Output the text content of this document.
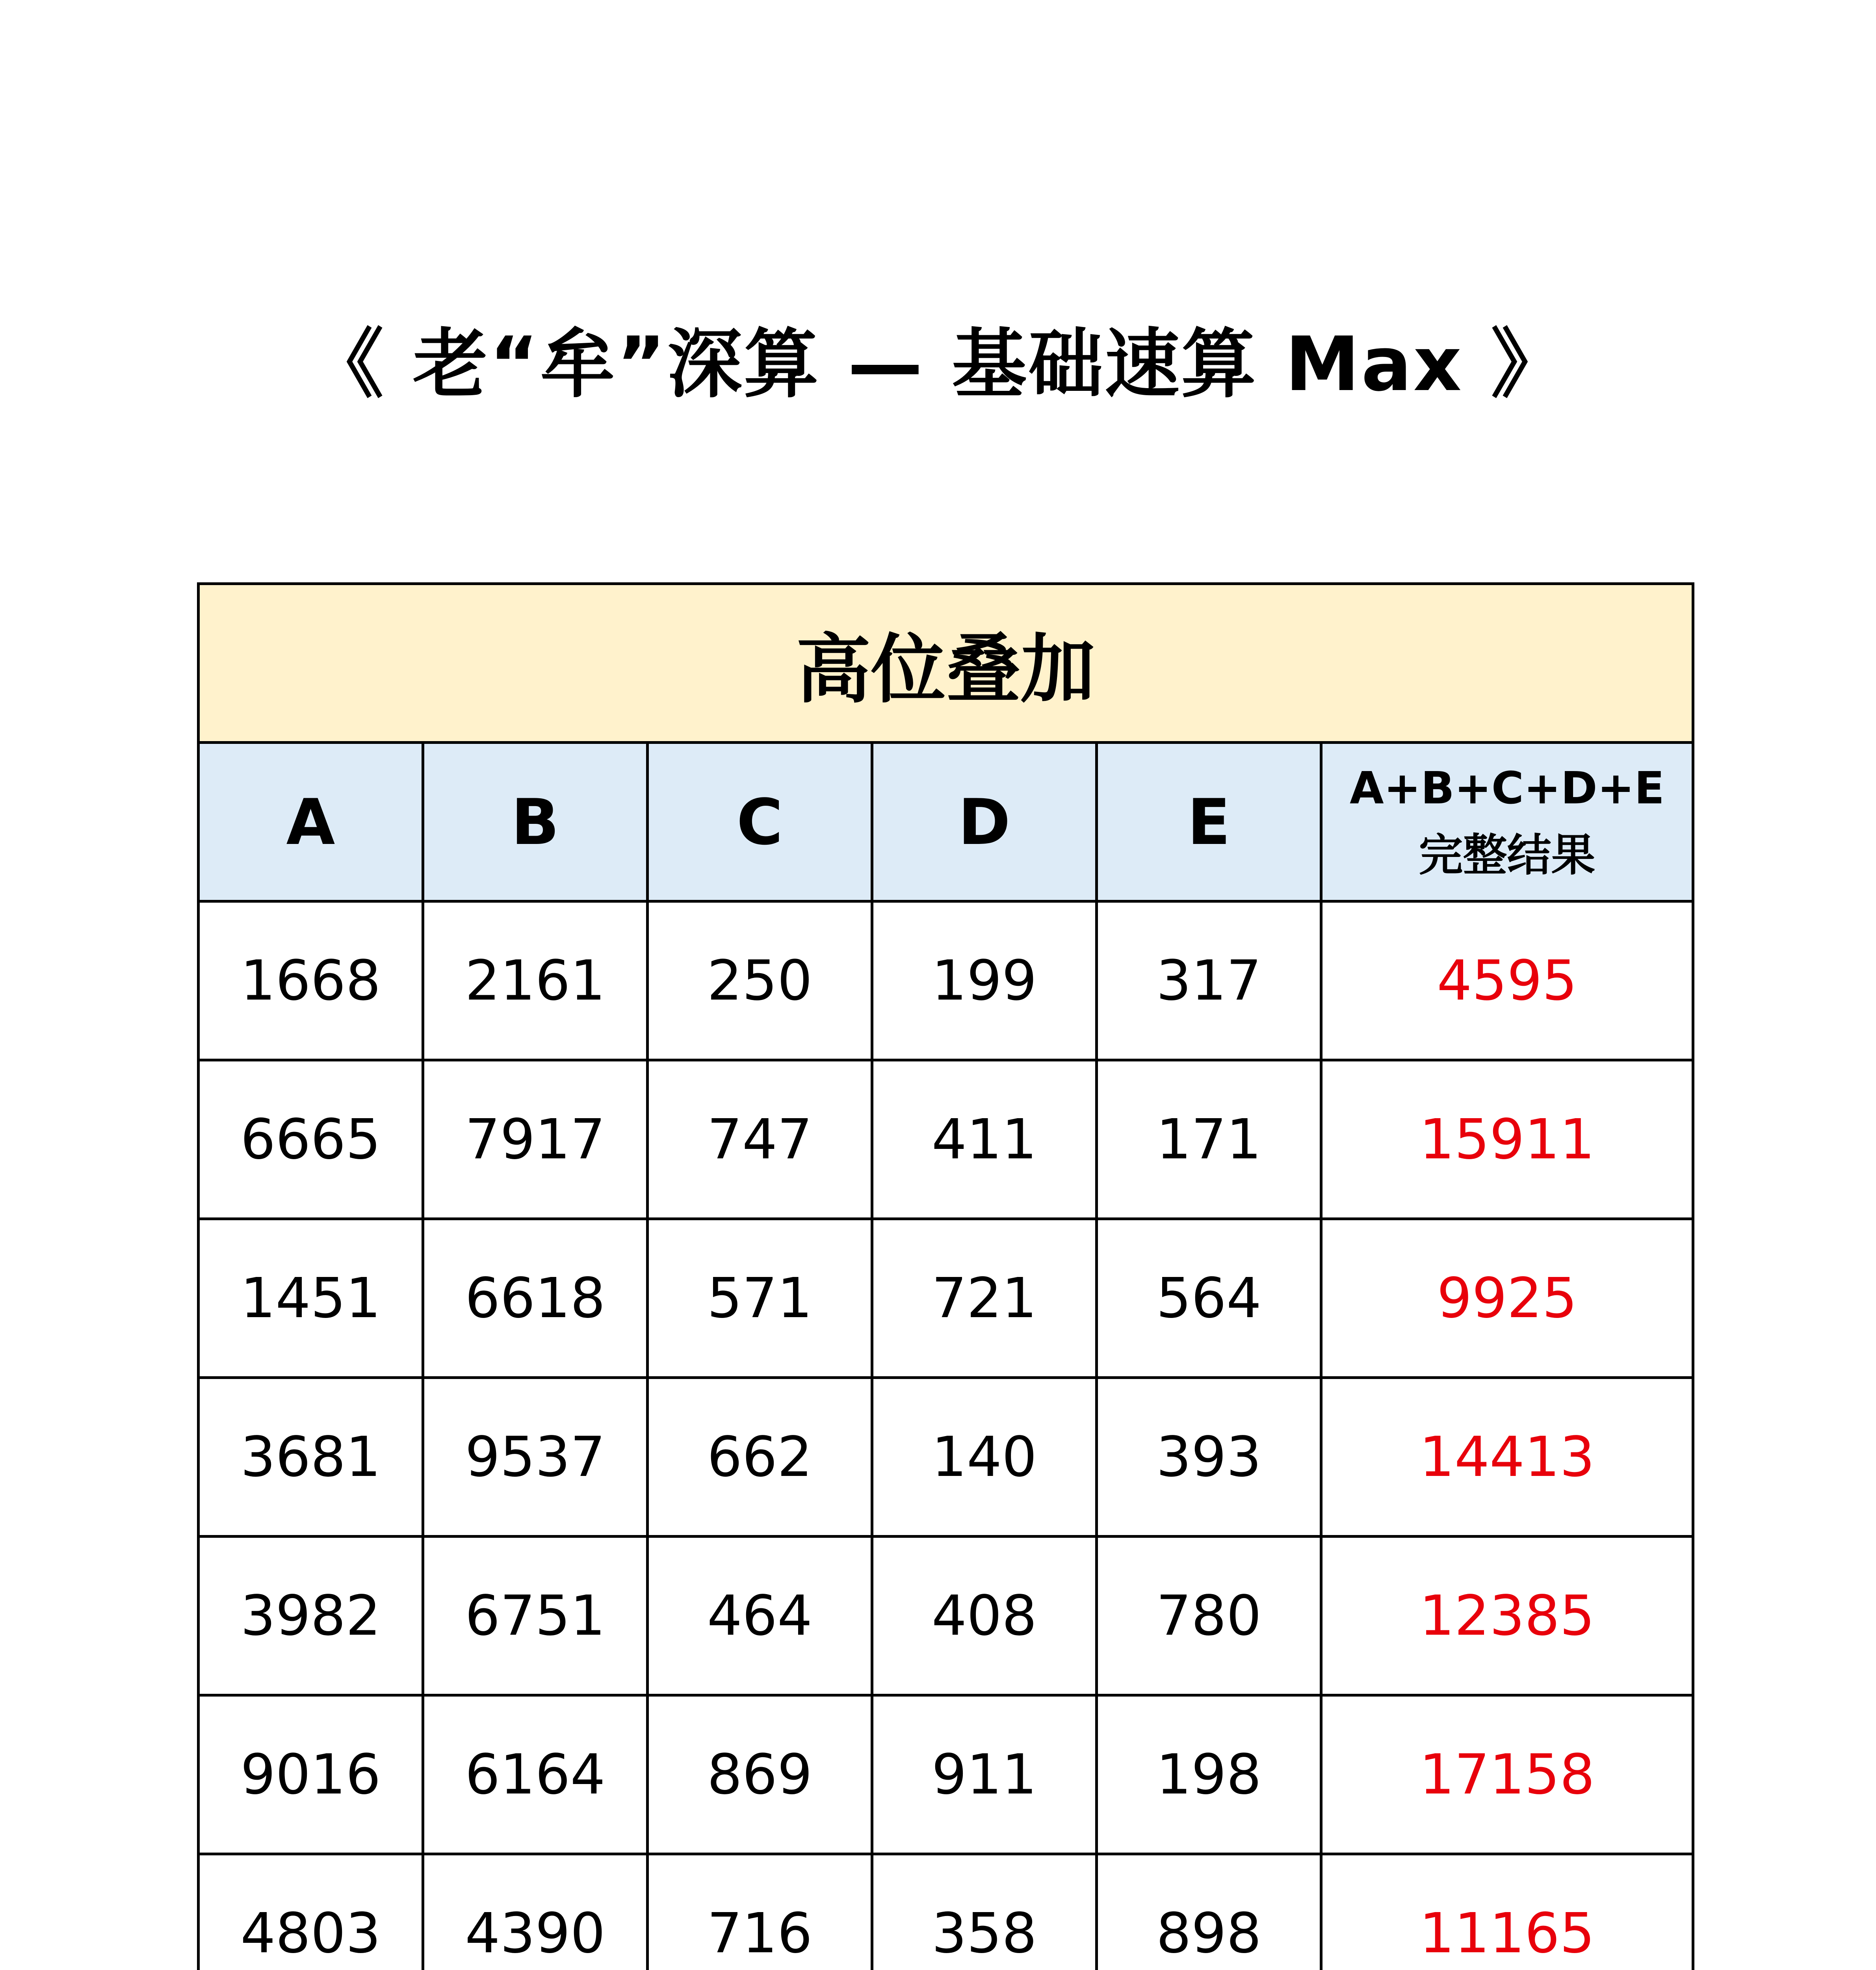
《 老“牟”深算 — 基础速算 Max 》
高位叠加					
A	B	C	D	E	A+B+C+D+E
完整结果

1668	2161	250	199	317	4595
6665	7917	747	411	171	15911
1451	6618	571	721	564	9925
3681	9537	662	140	393	14413
3982	6751	464	408	780	12385
9016	6164	869	911	198	17158
4803	4390	716	358	898	11165
